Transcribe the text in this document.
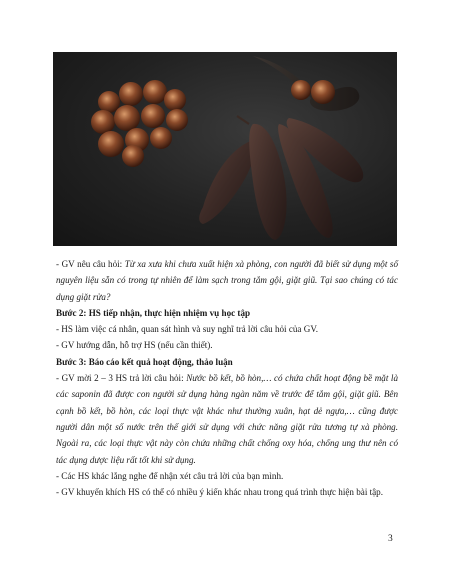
- GV nêu câu hỏi: Từ xa xưa khi chưa xuất hiện xà phòng, con người đã biết sử dụng một số nguyên liệu sẵn có trong tự nhiên để làm sạch trong tắm gội, giặt giũ. Tại sao chúng có tác dụng giặt rửa?

Bước 2: HS tiếp nhận, thực hiện nhiệm vụ học tập

- HS làm việc cá nhân, quan sát hình và suy nghĩ trả lời câu hỏi của GV.

- GV hướng dẫn, hỗ trợ HS (nếu cần thiết).

Bước 3: Báo cáo kết quả hoạt động, thảo luận

- GV mời 2 – 3 HS trả lời câu hỏi: Nước bồ kết, bồ hòn,… có chứa chất hoạt động bề mặt là các saponin đã được con người sử dụng hàng ngàn năm về trước để tắm gội, giặt giũ. Bên cạnh bồ kết, bồ hòn, các loại thực vật khác như thường xuân, hạt dẻ ngựa,… cũng được người dân một số nước trên thế giới sử dụng với chức năng giặt rửa tương tự xà phòng. Ngoài ra, các loại thực vật này còn chứa những chất chống oxy hóa, chống ung thư nên có tác dụng dược liệu rất tốt khi sử dụng.

- Các HS khác lắng nghe để nhận xét câu trả lời của bạn mình.

- GV khuyến khích HS có thể có nhiều ý kiến khác nhau trong quá trình thực hiện bài tập.

3
